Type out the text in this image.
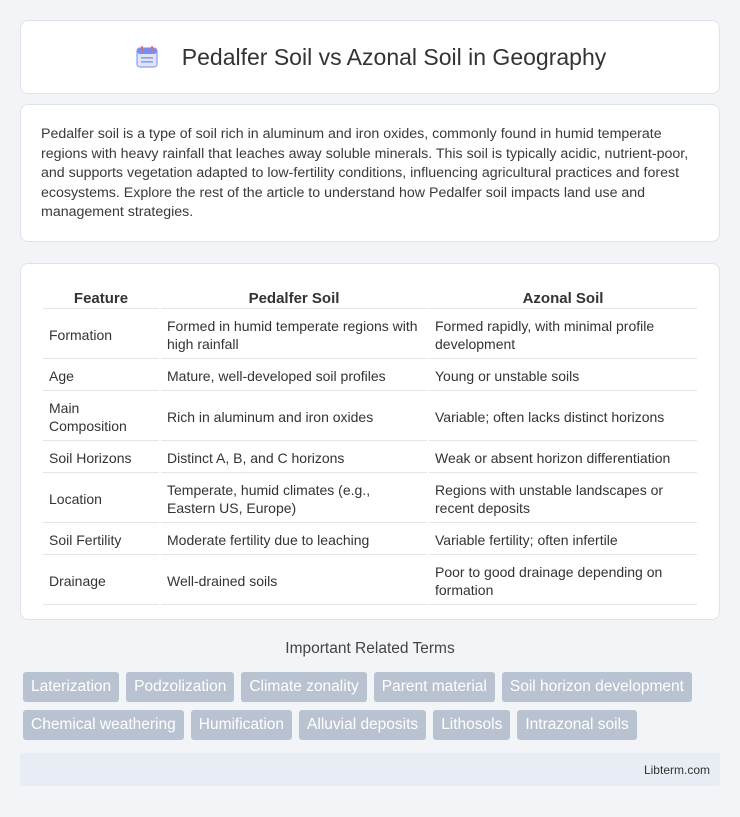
Pedalfer Soil vs Azonal Soil in Geography

Pedalfer soil is a type of soil rich in aluminum and iron oxides, commonly found in humid temperate regions with heavy rainfall that leaches away soluble minerals. This soil is typically acidic, nutrient-poor, and supports vegetation adapted to low-fertility conditions, influencing agricultural practices and forest ecosystems. Explore the rest of the article to understand how Pedalfer soil impacts land use and management strategies.

Feature	Pedalfer Soil	Azonal Soil
Formation	Formed in humid temperate regions with high rainfall	Formed rapidly, with minimal profile development
Age	Mature, well-developed soil profiles	Young or unstable soils
Main Composition	Rich in aluminum and iron oxides	Variable; often lacks distinct horizons
Soil Horizons	Distinct A, B, and C horizons	Weak or absent horizon differentiation
Location	Temperate, humid climates (e.g., Eastern US, Europe)	Regions with unstable landscapes or recent deposits
Soil Fertility	Moderate fertility due to leaching	Variable fertility; often infertile
Drainage	Well-drained soils	Poor to good drainage depending on formation
Important Related Terms
Laterization	Podzolization	Climate zonality	Parent material	Soil horizon development
Chemical weathering	Humification	Alluvial deposits	Lithosols	Intrazonal soils
Libterm.com
